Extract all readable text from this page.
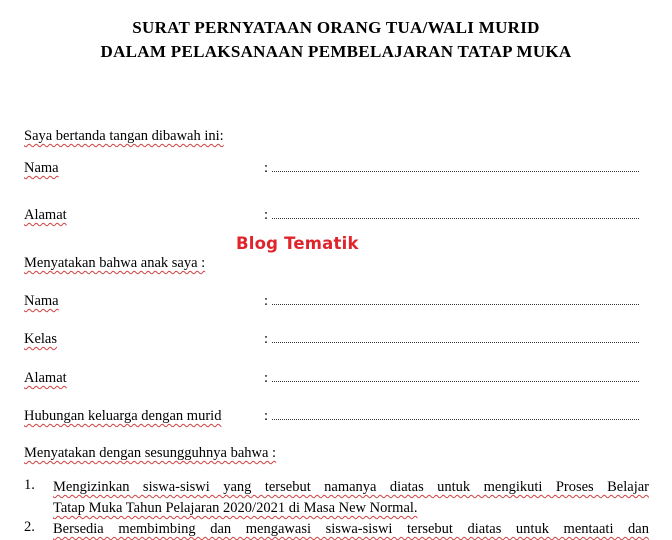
SURAT PERNYATAAN ORANG TUA/WALI MURID
DALAM PELAKSANAAN PEMBELAJARAN TATAP MUKA
Saya bertanda tangan dibawah ini:
Nama	:
Alamat	:
Blog Tematik
Menyatakan bahwa anak saya :
Nama	:
Kelas	:
Alamat	:
Hubungan keluarga dengan murid	:
Menyatakan dengan sesungguhnya bahwa :
1. Mengizinkan siswa-siswi yang tersebut namanya diatas untuk mengikuti Proses Belajar
Tatap Muka Tahun Pelajaran 2020/2021 di Masa New Normal.
2. Bersedia membimbing dan mengawasi siswa-siswi tersebut diatas untuk mentaati dan
